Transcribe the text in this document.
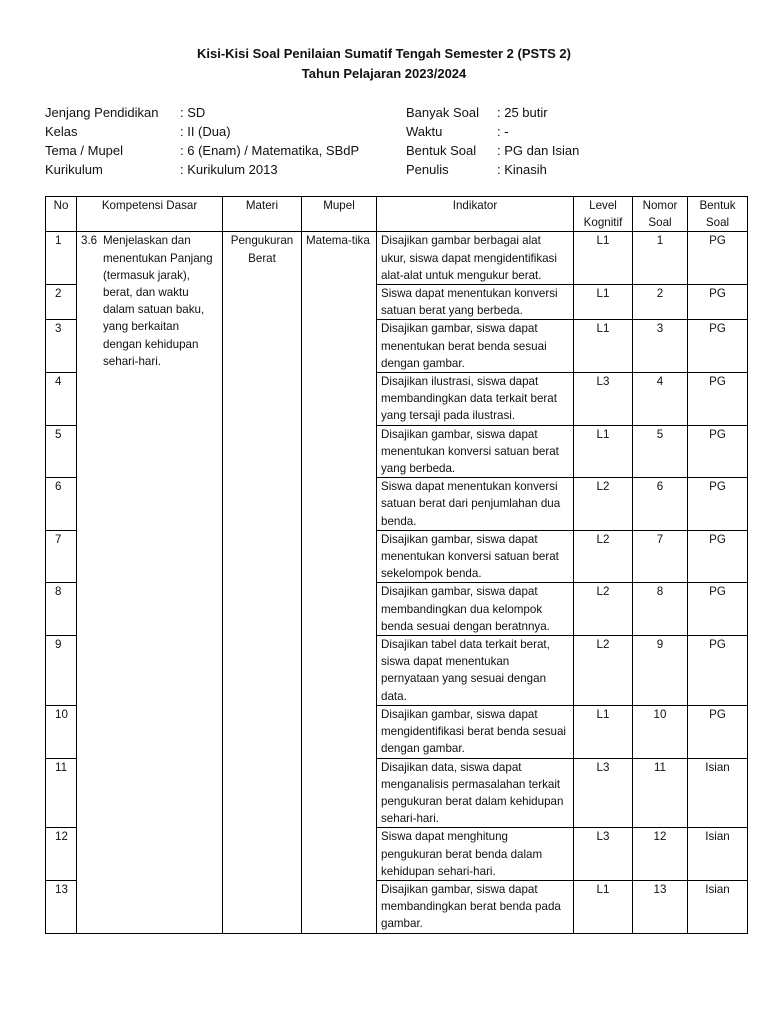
Kisi-Kisi Soal Penilaian Sumatif Tengah Semester 2 (PSTS 2)
Tahun Pelajaran 2023/2024
Jenjang Pendidikan	: SD
Kelas	: II (Dua)
Tema / Mupel	: 6 (Enam) / Matematika, SBdP
Kurikulum	: Kurikulum 2013
Banyak Soal	: 25 butir
Waktu	: -
Bentuk Soal	: PG dan Isian
Penulis	: Kinasih
No	Kompetensi Dasar	Materi	Mupel	Indikator	Level Kognitif	Nomor Soal	Bentuk Soal
1	3.6 Menjelaskan dan menentukan Panjang (termasuk jarak), berat, dan waktu dalam satuan baku, yang berkaitan dengan kehidupan sehari-hari.	Pengukuran Berat	Matema-tika	Disajikan gambar berbagai alat ukur, siswa dapat mengidentifikasi alat-alat untuk mengukur berat.	L1	1	PG
2				Siswa dapat menentukan konversi satuan berat yang berbeda.	L1	2	PG
3				Disajikan gambar, siswa dapat menentukan berat benda sesuai dengan gambar.	L1	3	PG
4				Disajikan ilustrasi, siswa dapat membandingkan data terkait berat yang tersaji pada ilustrasi.	L3	4	PG
5				Disajikan gambar, siswa dapat menentukan konversi satuan berat yang berbeda.	L1	5	PG
6				Siswa dapat menentukan konversi satuan berat dari penjumlahan dua benda.	L2	6	PG
7				Disajikan gambar, siswa dapat menentukan konversi satuan berat sekelompok benda.	L2	7	PG
8				Disajikan gambar, siswa dapat membandingkan dua kelompok benda sesuai dengan beratnnya.	L2	8	PG
9				Disajikan tabel data terkait berat, siswa dapat menentukan pernyataan yang sesuai dengan data.	L2	9	PG
10				Disajikan gambar, siswa dapat mengidentifikasi berat benda sesuai dengan gambar.	L1	10	PG
11				Disajikan data, siswa dapat menganalisis permasalahan terkait pengukuran berat dalam kehidupan sehari-hari.	L3	11	Isian
12				Siswa dapat menghitung pengukuran berat benda dalam kehidupan sehari-hari.	L3	12	Isian
13				Disajikan gambar, siswa dapat membandingkan berat benda pada gambar.	L1	13	Isian
